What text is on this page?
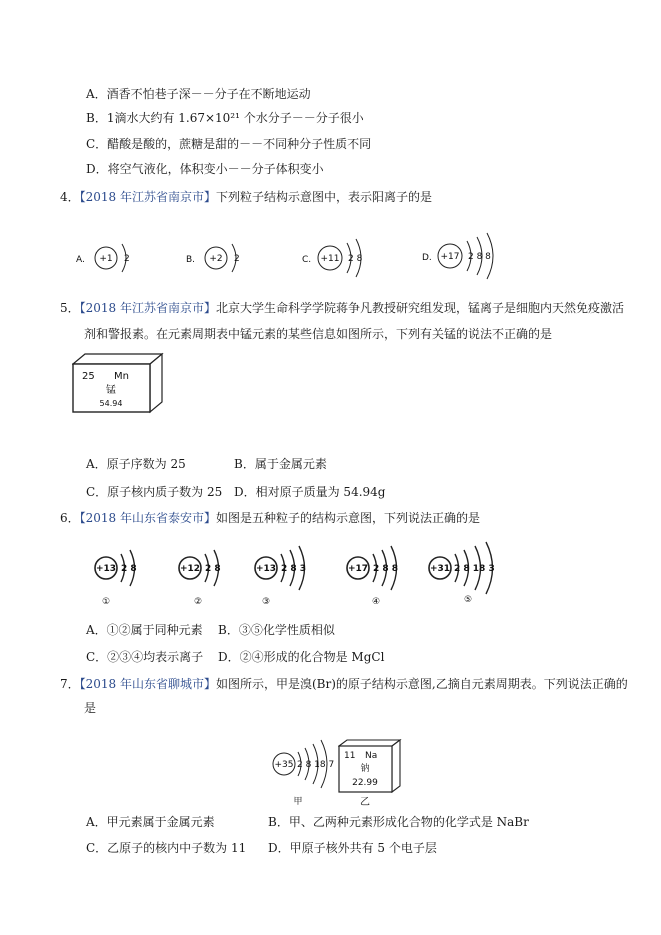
A．酒香不怕巷子深－－分子在不断地运动
B．1滴水大约有 1.67×10²¹ 个水分子－－分子很小
C．醋酸是酸的，蔗糖是甜的－－不同种分子性质不同
D．将空气液化，体积变小－－分子体积变小
4．【2018 年江苏省南京市】下列粒子结构示意图中，表示阳离子的是
A. +1 2	B. +2 2	C. +11 2 8	D. +17 2 8 8
5．【2018 年江苏省南京市】北京大学生命科学学院蒋争凡教授研究组发现，锰离子是细胞内天然免疫激活
剂和警报素。在元素周期表中锰元素的某些信息如图所示，下列有关锰的说法不正确的是
25 Mn
锰
54.94
A．原子序数为 25	B．属于金属元素
C．原子核内质子数为 25 D．相对原子质量为 54.94g
6．【2018 年山东省泰安市】如图是五种粒子的结构示意图，下列说法正确的是
+13 2 8
①
+12 2 8
②
+13 2 8 3
③
+17 2 8 8
④
+31 2 8 18 3
⑤
A．①②属于同种元素 B．③⑤化学性质相似
C．②③④均表示离子 D．②④形成的化合物是 MgCl
7．【2018 年山东省聊城市】如图所示，甲是溴(Br)的原子结构示意图,乙摘自元素周期表。下列说法正确的
是
+35 2 8 18 7
甲
11 Na
钠
22.99
乙
A．甲元素属于金属元素	B．甲、乙两种元素形成化合物的化学式是 NaBr
C．乙原子的核内中子数为 11 D．甲原子核外共有 5 个电子层
